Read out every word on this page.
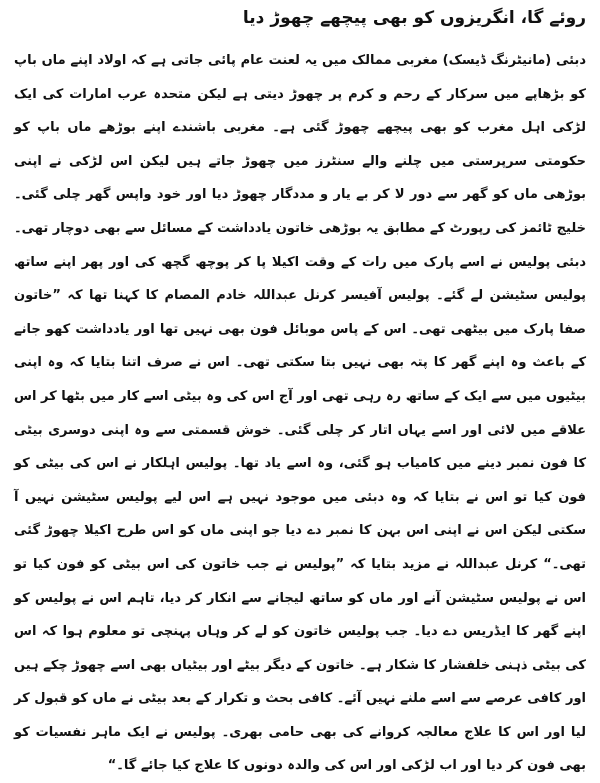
روئے گا، انگریزوں کو بھی پیچھے چھوڑ دیا

دبئی (مانیٹرنگ ڈیسک) مغربی ممالک میں یہ لعنت عام پائی جاتی ہے کہ اولاد اپنے ماں باپ کو بڑھاپے میں سرکار کے رحم و کرم پر چھوڑ دیتی ہے لیکن متحدہ عرب امارات کی ایک لڑکی اہل مغرب کو بھی پیچھے چھوڑ گئی ہے۔ مغربی باشندے اپنے بوڑھے ماں باپ کو حکومتی سرپرستی میں چلنے والے سنٹرز میں چھوڑ جاتے ہیں لیکن اس لڑکی نے اپنی بوڑھی ماں کو گھر سے دور لا کر بے یار و مددگار چھوڑ دیا اور خود واپس گھر چلی گئی۔ خلیج ٹائمز کی رپورٹ کے مطابق یہ بوڑھی خاتون یادداشت کے مسائل سے بھی دوچار تھی۔ دبئی پولیس نے اسے پارک میں رات کے وقت اکیلا پا کر پوچھ گچھ کی اور پھر اپنے ساتھ پولیس سٹیشن لے گئے۔ پولیس آفیسر کرنل عبداللہ خادم المصام کا کہنا تھا کہ ”خاتون صفا پارک میں بیٹھی تھی۔ اس کے پاس موبائل فون بھی نہیں تھا اور یادداشت کھو جانے کے باعث وہ اپنے گھر کا پتہ بھی نہیں بتا سکتی تھی۔ اس نے صرف اتنا بتایا کہ وہ اپنی بیٹیوں میں سے ایک کے ساتھ رہ رہی تھی اور آج اس کی وہ بیٹی اسے کار میں بٹھا کر اس علاقے میں لائی اور اسے یہاں اتار کر چلی گئی۔ خوش قسمتی سے وہ اپنی دوسری بیٹی کا فون نمبر دینے میں کامیاب ہو گئی، وہ اسے یاد تھا۔ پولیس اہلکار نے اس کی بیٹی کو فون کیا تو اس نے بتایا کہ وہ دبئی میں موجود نہیں ہے اس لیے پولیس سٹیشن نہیں آ سکتی لیکن اس نے اپنی اس بہن کا نمبر دے دیا جو اپنی ماں کو اس طرح اکیلا چھوڑ گئی تھی۔“ کرنل عبداللہ نے مزید بتایا کہ ”پولیس نے جب خاتون کی اس بیٹی کو فون کیا تو اس نے پولیس سٹیشن آنے اور ماں کو ساتھ لیجانے سے انکار کر دیا، تاہم اس نے پولیس کو اپنے گھر کا ایڈریس دے دیا۔ جب پولیس خاتون کو لے کر وہاں پہنچی تو معلوم ہوا کہ اس کی بیٹی ذہنی خلفشار کا شکار ہے۔ خاتون کے دیگر بیٹے اور بیٹیاں بھی اسے چھوڑ چکے ہیں اور کافی عرصے سے اسے ملنے نہیں آئے۔ کافی بحث و تکرار کے بعد بیٹی نے ماں کو قبول کر لیا اور اس کا علاج معالجہ کروانے کی بھی حامی بھری۔ پولیس نے ایک ماہر نفسیات کو بھی فون کر دیا اور اب لڑکی اور اس کی والدہ دونوں کا علاج کیا جائے گا۔“
